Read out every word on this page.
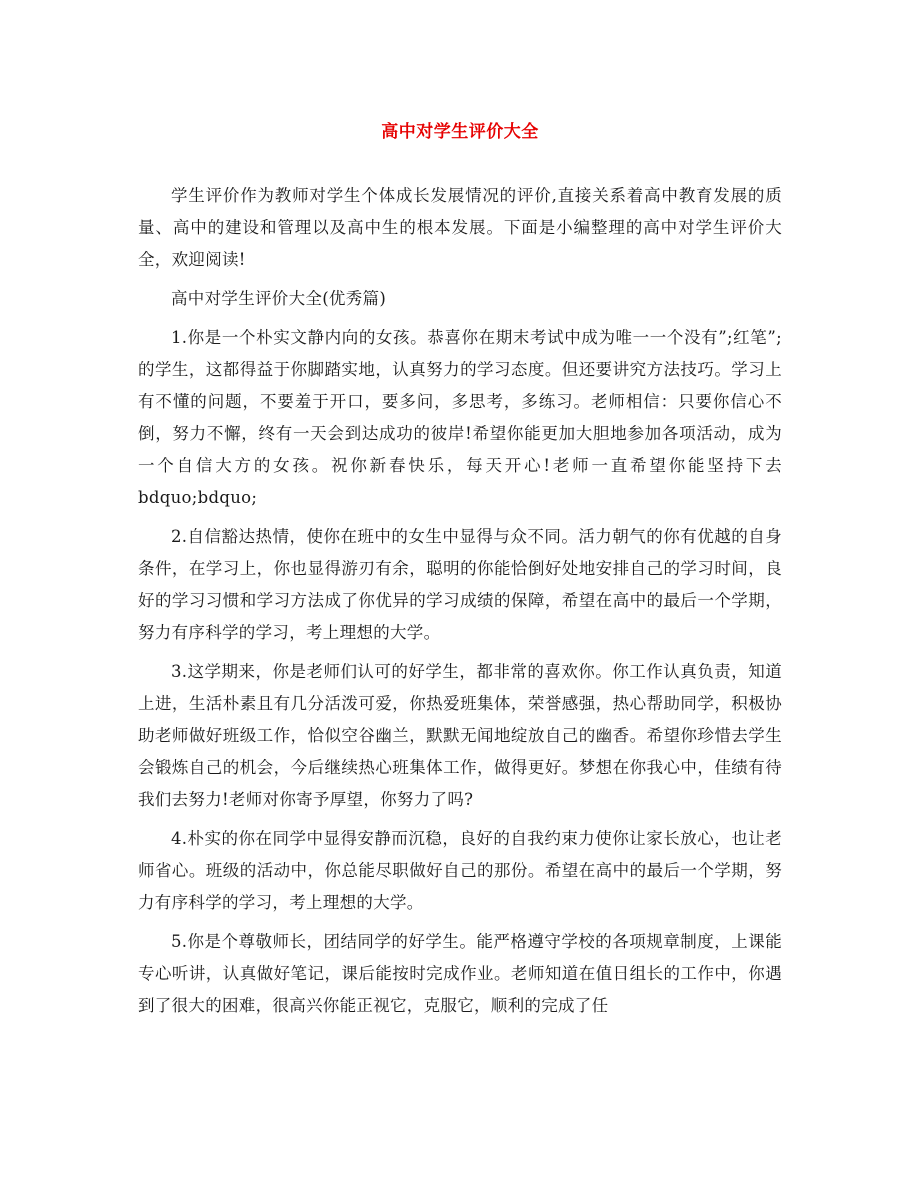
高中对学生评价大全

学生评价作为教师对学生个体成长发展情况的评价,直接关系着高中教育发展的质量、高中的建设和管理以及高中生的根本发展。下面是小编整理的高中对学生评价大全，欢迎阅读!

高中对学生评价大全(优秀篇)

1.你是一个朴实文静内向的女孩。恭喜你在期末考试中成为唯一一个没有”;红笔”;的学生，这都得益于你脚踏实地，认真努力的学习态度。但还要讲究方法技巧。学习上有不懂的问题，不要羞于开口，要多问，多思考，多练习。老师相信：只要你信心不倒，努力不懈，终有一天会到达成功的彼岸!希望你能更加大胆地参加各项活动，成为一个自信大方的女孩。祝你新春快乐，每天开心!老师一直希望你能坚持下去 bdquo;bdquo;

2.自信豁达热情，使你在班中的女生中显得与众不同。活力朝气的你有优越的自身条件，在学习上，你也显得游刃有余，聪明的你能恰倒好处地安排自己的学习时间，良好的学习习惯和学习方法成了你优异的学习成绩的保障，希望在高中的最后一个学期，努力有序科学的学习，考上理想的大学。

3.这学期来，你是老师们认可的好学生，都非常的喜欢你。你工作认真负责，知道上进，生活朴素且有几分活泼可爱，你热爱班集体，荣誉感强，热心帮助同学，积极协助老师做好班级工作，恰似空谷幽兰，默默无闻地绽放自己的幽香。希望你珍惜去学生会锻炼自己的机会，今后继续热心班集体工作，做得更好。梦想在你我心中，佳绩有待我们去努力!老师对你寄予厚望，你努力了吗?

4.朴实的你在同学中显得安静而沉稳，良好的自我约束力使你让家长放心，也让老师省心。班级的活动中，你总能尽职做好自己的那份。希望在高中的最后一个学期，努力有序科学的学习，考上理想的大学。

5.你是个尊敬师长，团结同学的好学生。能严格遵守学校的各项规章制度，上课能专心听讲，认真做好笔记，课后能按时完成作业。老师知道在值日组长的工作中，你遇到了很大的困难，很高兴你能正视它，克服它，顺利的完成了任
